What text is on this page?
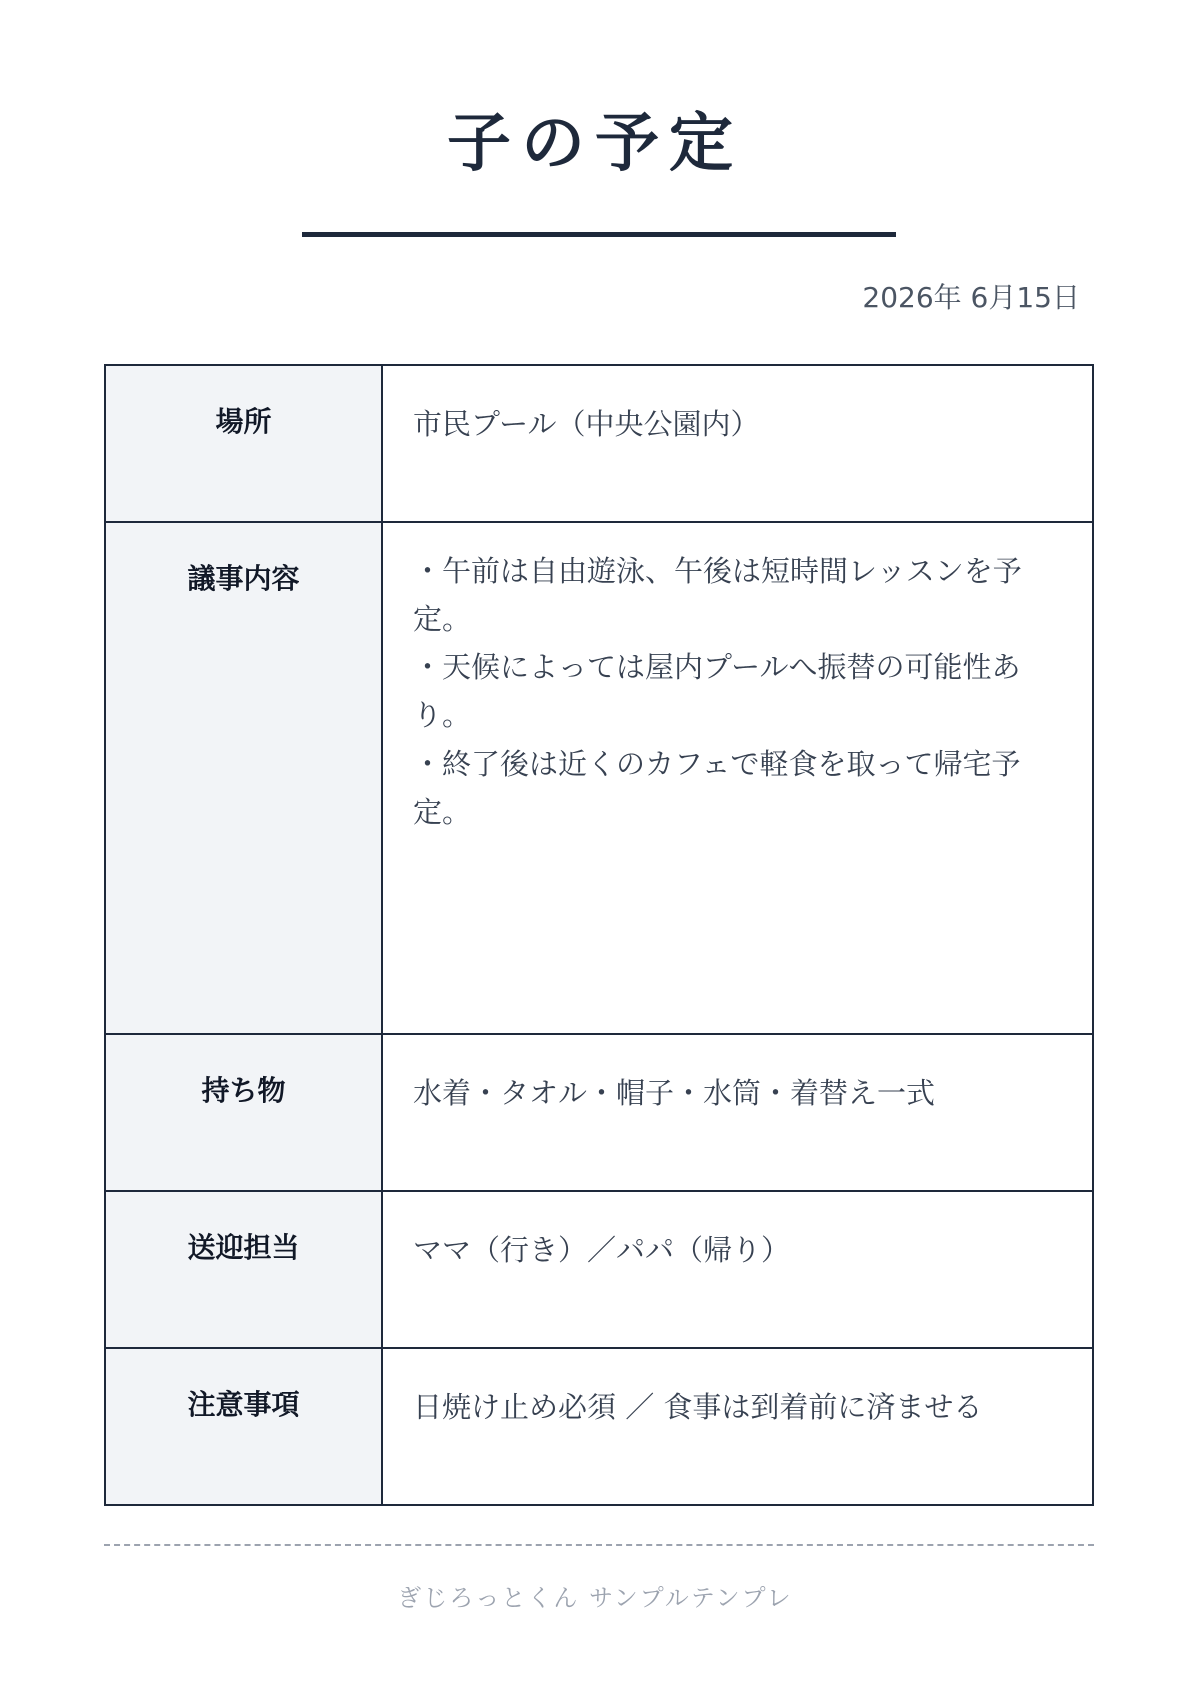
子の予定
2026年 6月15日
場所	市民プール（中央公園内）
議事内容	・午前は自由遊泳、午後は短時間レッスンを予定。
・天候によっては屋内プールへ振替の可能性あり。
・終了後は近くのカフェで軽食を取って帰宅予定。

持ち物	水着・タオル・帽子・水筒・着替え一式
送迎担当	ママ（行き）／パパ（帰り）
注意事項	日焼け止め必須 ／ 食事は到着前に済ませる
ぎじろっとくん サンプルテンプレ
